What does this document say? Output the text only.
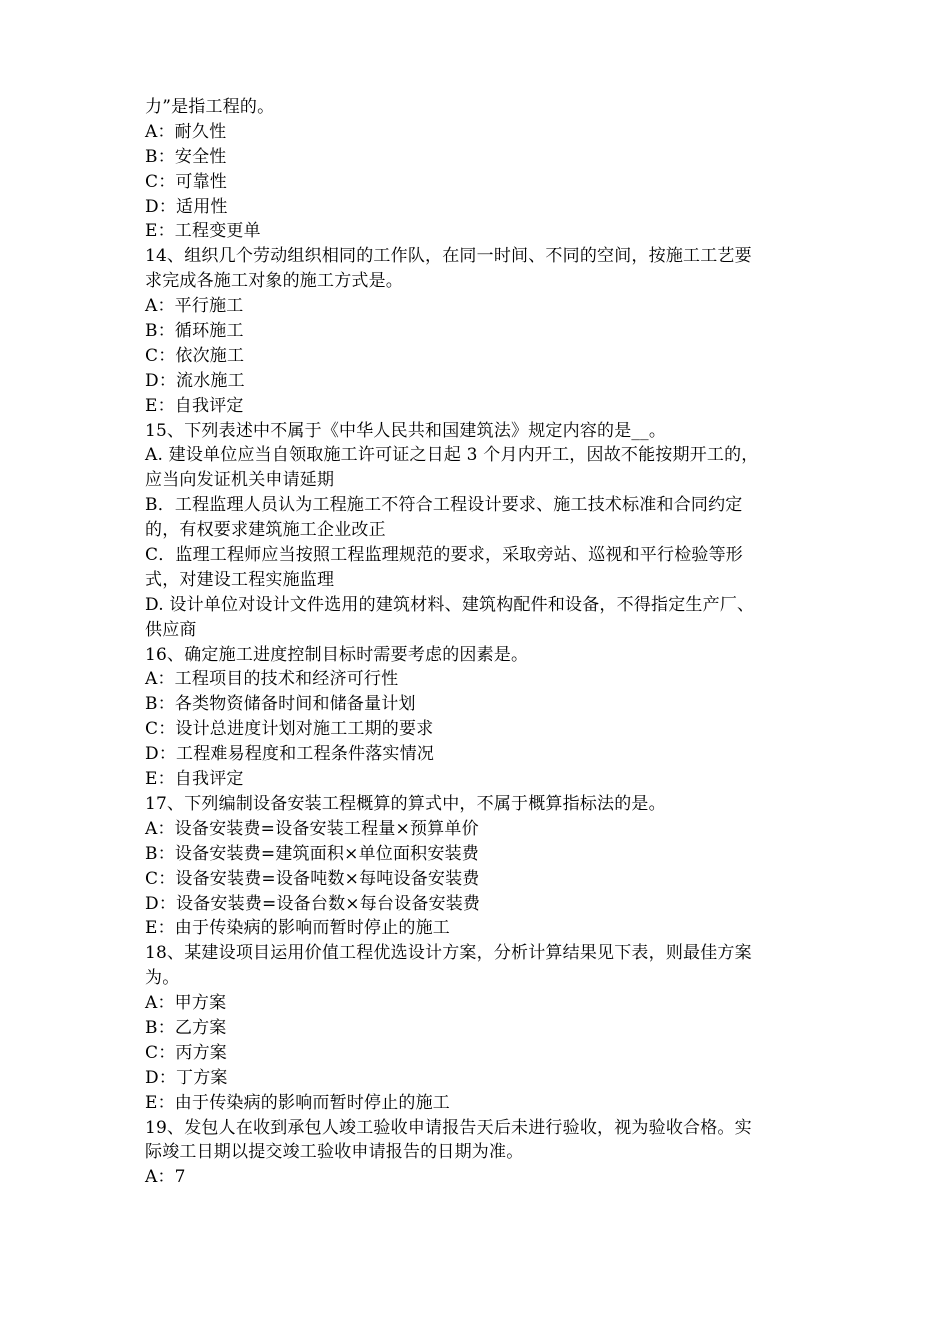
力”是指工程的。
A：耐久性
B：安全性
C：可靠性
D：适用性
E：工程变更单
14、组织几个劳动组织相同的工作队，在同一时间、不同的空间，按施工工艺要
求完成各施工对象的施工方式是。
A：平行施工
B：循环施工
C：依次施工
D：流水施工
E：自我评定
15、下列表述中不属于《中华人民共和国建筑法》规定内容的是__。
A. 建设单位应当自领取施工许可证之日起 3 个月内开工，因故不能按期开工的，
应当向发证机关申请延期
B．工程监理人员认为工程施工不符合工程设计要求、施工技术标准和合同约定
的，有权要求建筑施工企业改正
C．监理工程师应当按照工程监理规范的要求，采取旁站、巡视和平行检验等形
式，对建设工程实施监理
D. 设计单位对设计文件选用的建筑材料、建筑构配件和设备，不得指定生产厂、
供应商
16、确定施工进度控制目标时需要考虑的因素是。
A：工程项目的技术和经济可行性
B：各类物资储备时间和储备量计划
C：设计总进度计划对施工工期的要求
D：工程难易程度和工程条件落实情况
E：自我评定
17、下列编制设备安装工程概算的算式中，不属于概算指标法的是。
A：设备安装费=设备安装工程量×预算单价
B：设备安装费=建筑面积×单位面积安装费
C：设备安装费=设备吨数×每吨设备安装费
D：设备安装费=设备台数×每台设备安装费
E：由于传染病的影响而暂时停止的施工
18、某建设项目运用价值工程优选设计方案，分析计算结果见下表，则最佳方案
为。
A：甲方案
B：乙方案
C：丙方案
D：丁方案
E：由于传染病的影响而暂时停止的施工
19、发包人在收到承包人竣工验收申请报告天后未进行验收，视为验收合格。实
际竣工日期以提交竣工验收申请报告的日期为准。
A：7
